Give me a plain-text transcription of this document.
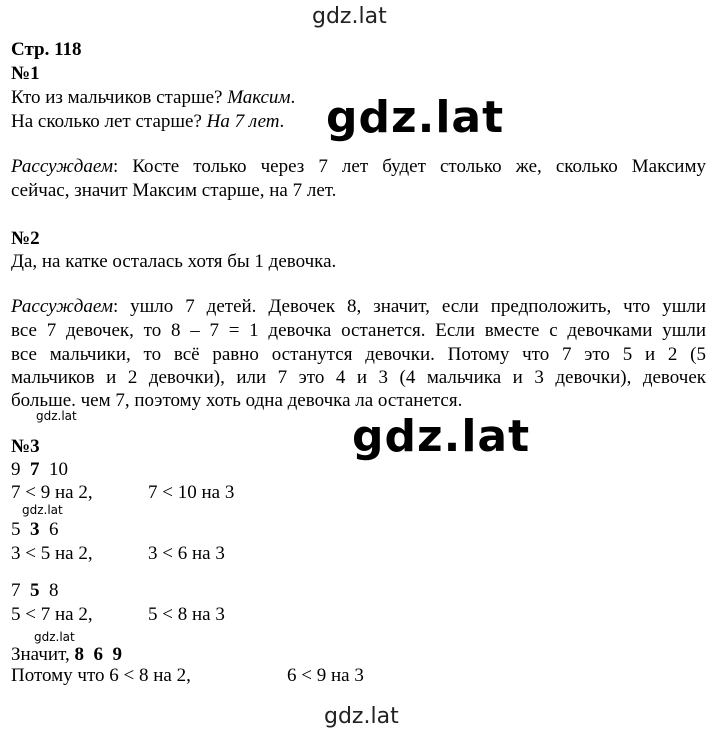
gdz.lat
Стр. 118
№1
Кто из мальчиков старше? Максим.
На сколько лет старше? На 7 лет. gdz.lat
Рассуждаем: Косте только через 7 лет будет столько же, сколько Максиму
сейчас, значит Максим старше, на 7 лет.
№2
Да, на катке осталась хотя бы 1 девочка.
Рассуждаем: ушло 7 детей. Девочек 8, значит, если предположить, что ушли
все 7 девочек, то 8 – 7 = 1 девочка останется. Если вместе с девочками ушли
все мальчики, то всё равно останутся девочки. Потому что 7 это 5 и 2 (5
мальчиков и 2 девочки), или 7 это 4 и 3 (4 мальчика и 3 девочки), девочек
больше. чем 7, поэтому хоть одна девочка ла останется.
gdz.lat	gdz.lat
№3
9 7 10
7 < 9 на 2,	7 < 10 на 3
gdz.lat
5 3 6
3 < 5 на 2,	3 < 6 на 3
7 5 8
5 < 7 на 2,	5 < 8 на 3
gdz.lat
Значит, 8  6  9
Потому что 6 < 8 на 2,	6 < 9 на 3
gdz.lat
